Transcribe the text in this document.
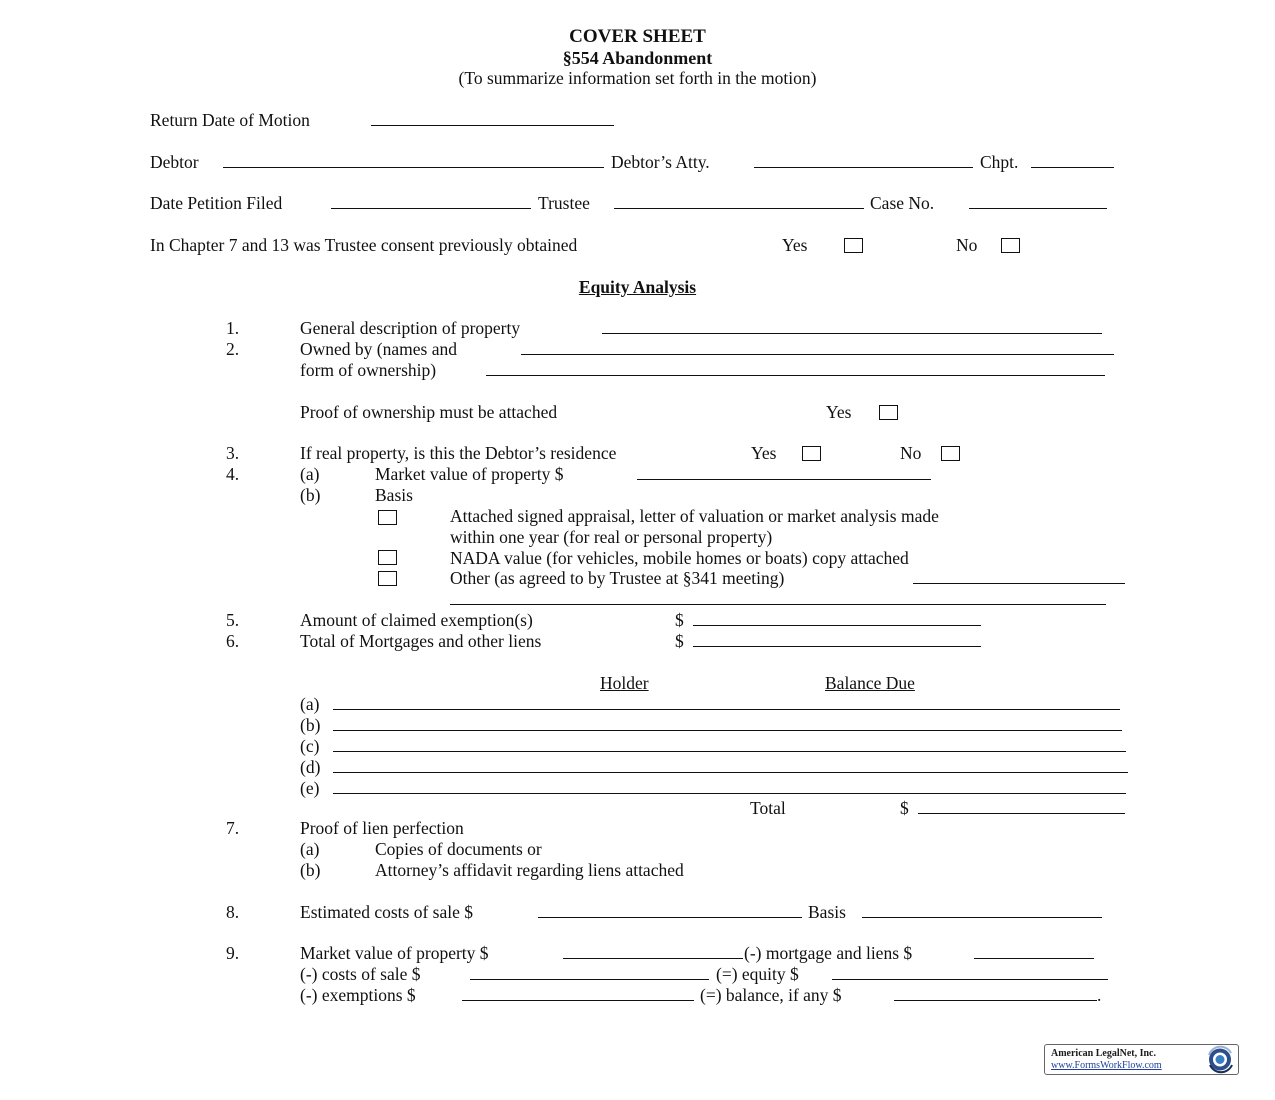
COVER SHEET
§554 Abandonment
(To summarize information set forth in the motion)
Return Date of Motion
Debtor	Debtor’s Atty.	Chpt.
Date Petition Filed	Trustee	Case No.
In Chapter 7 and 13 was Trustee consent previously obtained	Yes	No
Equity Analysis
1.	General description of property
2.	Owned by (names and
form of ownership)
Proof of ownership must be attached	Yes
3.	If real property, is this the Debtor’s residence	Yes	No
4.	(a)	Market value of property $
(b)	Basis
Attached signed appraisal, letter of valuation or market analysis made
within one year (for real or personal property)
NADA value (for vehicles, mobile homes or boats) copy attached
Other (as agreed to by Trustee at §341 meeting)
5.	Amount of claimed exemption(s)	$
6.	Total of Mortgages and other liens	$
Holder	Balance Due
(a)
(b)
(c)
(d)
(e)
Total	$
7.	Proof of lien perfection
(a)	Copies of documents or
(b)	Attorney’s affidavit regarding liens attached
8.	Estimated costs of sale $	Basis
9.	Market value of property $	(-) mortgage and liens $
(-) costs of sale $	(=) equity $
(-) exemptions $	(=) balance, if any $	.
American LegalNet, Inc.
www.FormsWorkFlow.com
